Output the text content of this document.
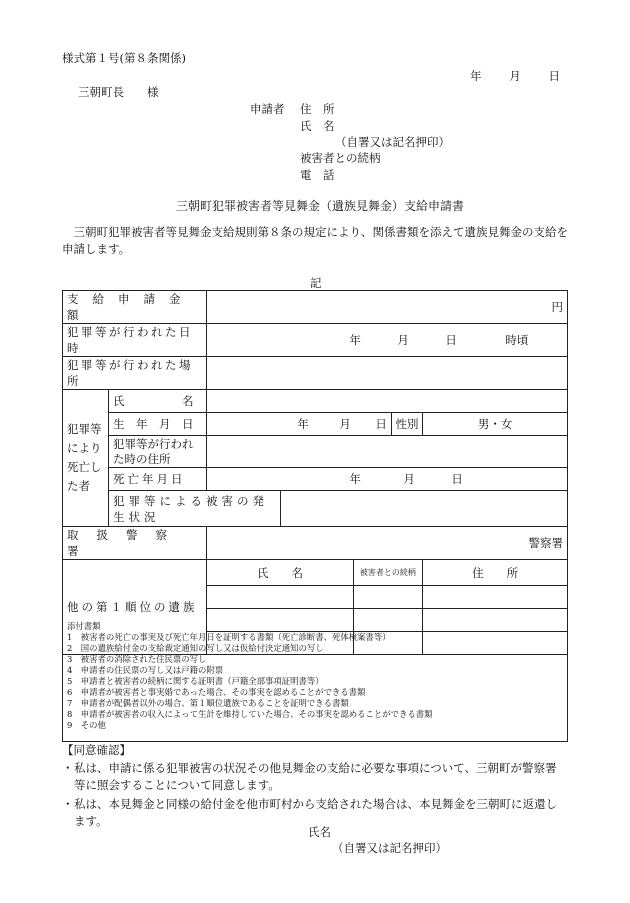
様式第１号(第８条関係)
年 月 日
三朝町長　　様
申請者 住　所
氏　名
（自署又は記名押印）
被害者との続柄
電　話
三朝町犯罪被害者等見舞金（遺族見舞金）支給申請書
三朝町犯罪被害者等見舞金支給規則第８条の規定により、関係書類を添えて遺族見舞金の支給を申請します。
記
支給申請金額		円				
犯罪等が行われた日時		年 月 日 時頃				

犯罪等が行われた場所						
犯罪等により死亡した者	氏　　　　　名					
	生　年　月　日	年 月 日			性別	男・女
	犯罪等が行われた時の住所					
	死亡年月日	年 月 日				

	犯罪等による被害の発生状況					
取扱警察署		警察署				
他の第１順位の遺族		氏　　名		被害者との続柄		住　　所

添付書類
1　被害者の死亡の事実及び死亡年月日を証明する書類（死亡診断書、死体検案書等）
2　国の遺族給付金の支給裁定通知の写し又は仮給付決定通知の写し
3　被害者の消除された住民票の写し
4　申請者の住民票の写し又は戸籍の附票
5　申請者と被害者の続柄に関する証明書（戸籍全部事項証明書等）
6　申請者が被害者と事実婚であった場合、その事実を認めることができる書類
7　申請者が配偶者以外の場合、第１順位遺族であることを証明できる書類
8　申請者が被害者の収入によって生計を維持していた場合、その事実を認めることができる書類
9　その他
【同意確認】
・ 私は、申請に係る犯罪被害の状況その他見舞金の支給に必要な事項について、三朝町が警察署等に照会することについて同意します。
・ 私は、本見舞金と同様の給付金を他市町村から支給された場合は、本見舞金を三朝町に返還します。
氏名
（自署又は記名押印）
